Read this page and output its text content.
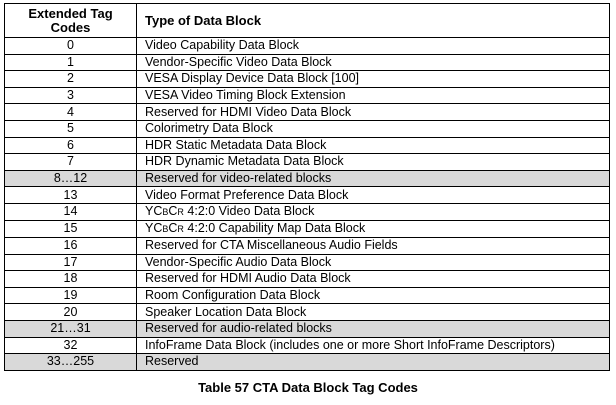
Extended Tag
Codes	Type of Data Block
0	Video Capability Data Block
1	Vendor-Specific Video Data Block
2	VESA Display Device Data Block [100]
3	VESA Video Timing Block Extension
4	Reserved for HDMI Video Data Block
5	Colorimetry Data Block
6	HDR Static Metadata Data Block
7	HDR Dynamic Metadata Data Block
8…12	Reserved for video-related blocks
13	Video Format Preference Data Block
14	YCBCR 4:2:0 Video Data Block
15	YCBCR 4:2:0 Capability Map Data Block
16	Reserved for CTA Miscellaneous Audio Fields
17	Vendor-Specific Audio Data Block
18	Reserved for HDMI Audio Data Block
19	Room Configuration Data Block
20	Speaker Location Data Block
21…31	Reserved for audio-related blocks
32	InfoFrame Data Block (includes one or more Short InfoFrame Descriptors)
33…255	Reserved
Table 57 CTA Data Block Tag Codes
